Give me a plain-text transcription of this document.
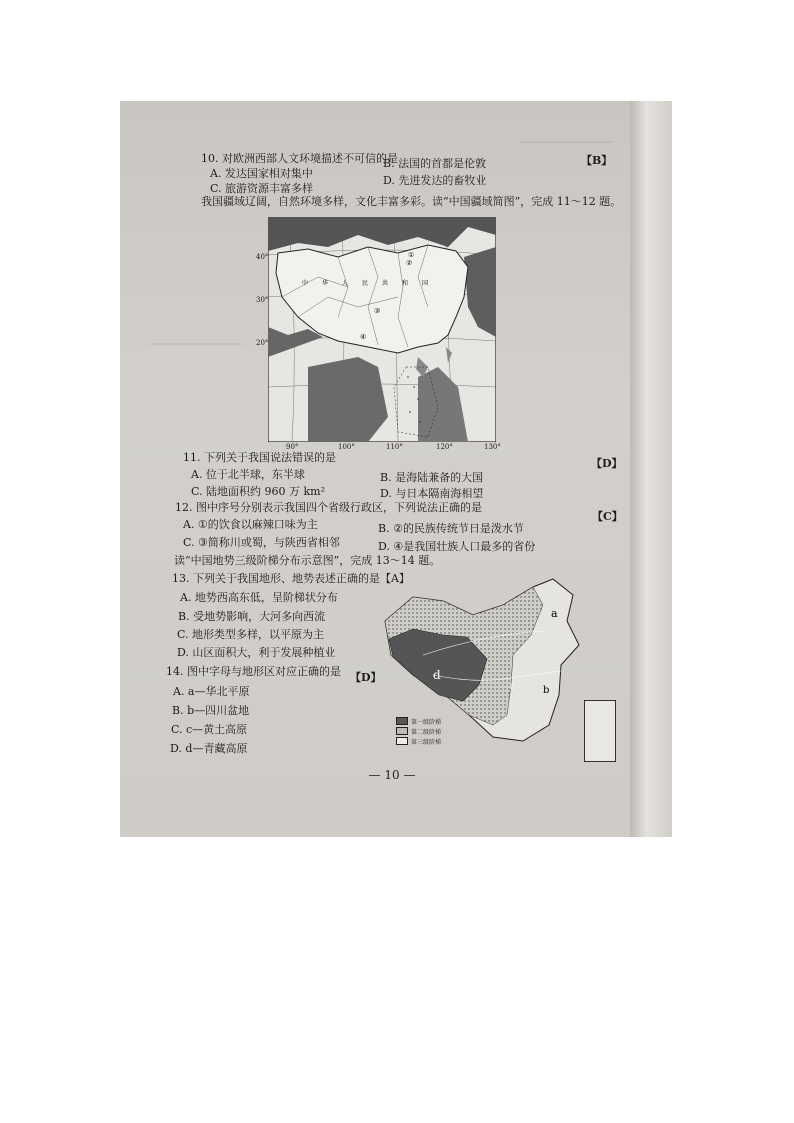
▁▁▁▁▁▁▁▁▁▁
▁▁▁▁▁▁▁▁▁▁
10. 对欧洲西部人文环境描述不可信的是	【B】
A. 发达国家相对集中
B. 法国的首都是伦敦
C. 旅游资源丰富多样
D. 先进发达的畜牧业
我国疆域辽阔，自然环境多样，文化丰富多彩。读“中国疆域简图”，完成 11～12 题。
中 华 人 民 共 和 国
①
②
③
④
90°	100°	110°	120°	130°
40°
30°
20°
11. 下列关于我国说法错误的是	【D】
A. 位于北半球，东半球	B. 是海陆兼备的大国
C. 陆地面积约 960 万 km²	D. 与日本隔南海相望
12. 图中序号分别表示我国四个省级行政区，下列说法正确的是
【C】
A. ①的饮食以麻辣口味为主	B. ②的民族传统节日是泼水节
C. ③简称川或蜀，与陕西省相邻	D. ④是我国壮族人口最多的省份
读“中国地势三级阶梯分布示意图”，完成 13～14 题。
13. 下列关于我国地形、地势表述正确的是【A】
A. 地势西高东低，呈阶梯状分布
B. 受地势影响，大河多向西流
C. 地形类型多样，以平原为主
D. 山区面积大，利于发展种植业
14. 图中字母与地形区对应正确的是 【D】
A. a—华北平原
B. b—四川盆地
C. c—黄土高原
D. d—青藏高原
a
b
c
d
第一级阶梯
第二级阶梯
第三级阶梯
— 10 —
